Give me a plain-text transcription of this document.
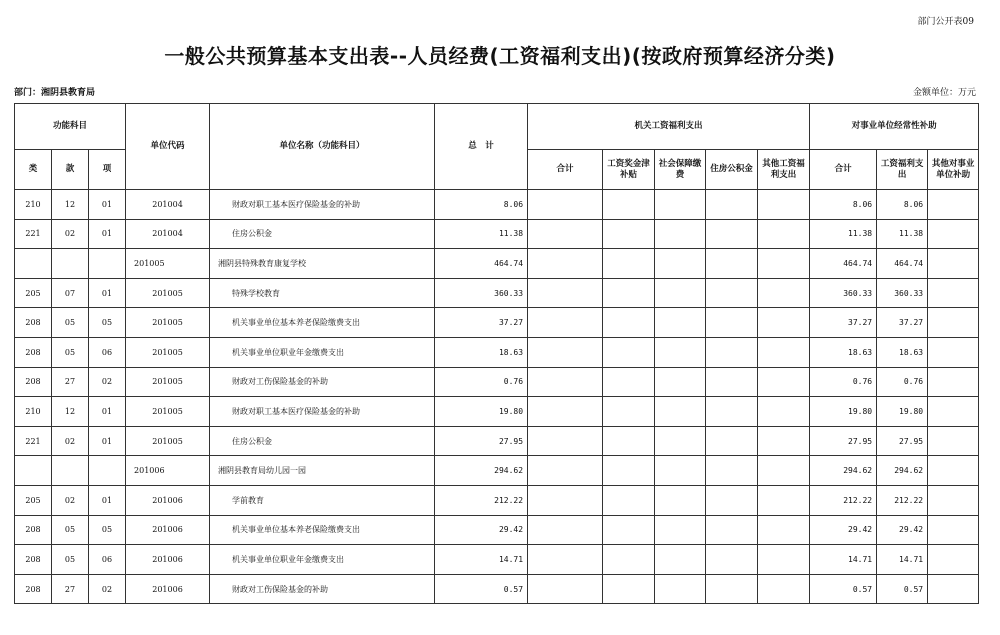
部门公开表09
一般公共预算基本支出表--人员经费(工资福利支出)(按政府预算经济分类)
部门：湘阴县教育局	金额单位：万元
功能科目			单位代码	单位名称（功能科目）	总　计	机关工资福利支出					对事业单位经常性补助		
类	款	项				合计	工资奖金津补贴	社会保障缴费	住房公积金	其他工资福利支出	合计	工资福利支出	其他对事业单位补助
210	12	01	201004	财政对职工基本医疗保险基金的补助	8.06						8.06	8.06	
221	02	01	201004	住房公积金	11.38						11.38	11.38	
			201005	湘阴县特殊教育康复学校	464.74						464.74	464.74	
205	07	01	201005	特殊学校教育	360.33						360.33	360.33	
208	05	05	201005	机关事业单位基本养老保险缴费支出	37.27						37.27	37.27	
208	05	06	201005	机关事业单位职业年金缴费支出	18.63						18.63	18.63	
208	27	02	201005	财政对工伤保险基金的补助	0.76						0.76	0.76	
210	12	01	201005	财政对职工基本医疗保险基金的补助	19.80						19.80	19.80	
221	02	01	201005	住房公积金	27.95						27.95	27.95	
			201006	湘阴县教育局幼儿园一园	294.62						294.62	294.62	
205	02	01	201006	学前教育	212.22						212.22	212.22	
208	05	05	201006	机关事业单位基本养老保险缴费支出	29.42						29.42	29.42	
208	05	06	201006	机关事业单位职业年金缴费支出	14.71						14.71	14.71	
208	27	02	201006	财政对工伤保险基金的补助	0.57						0.57	0.57	
